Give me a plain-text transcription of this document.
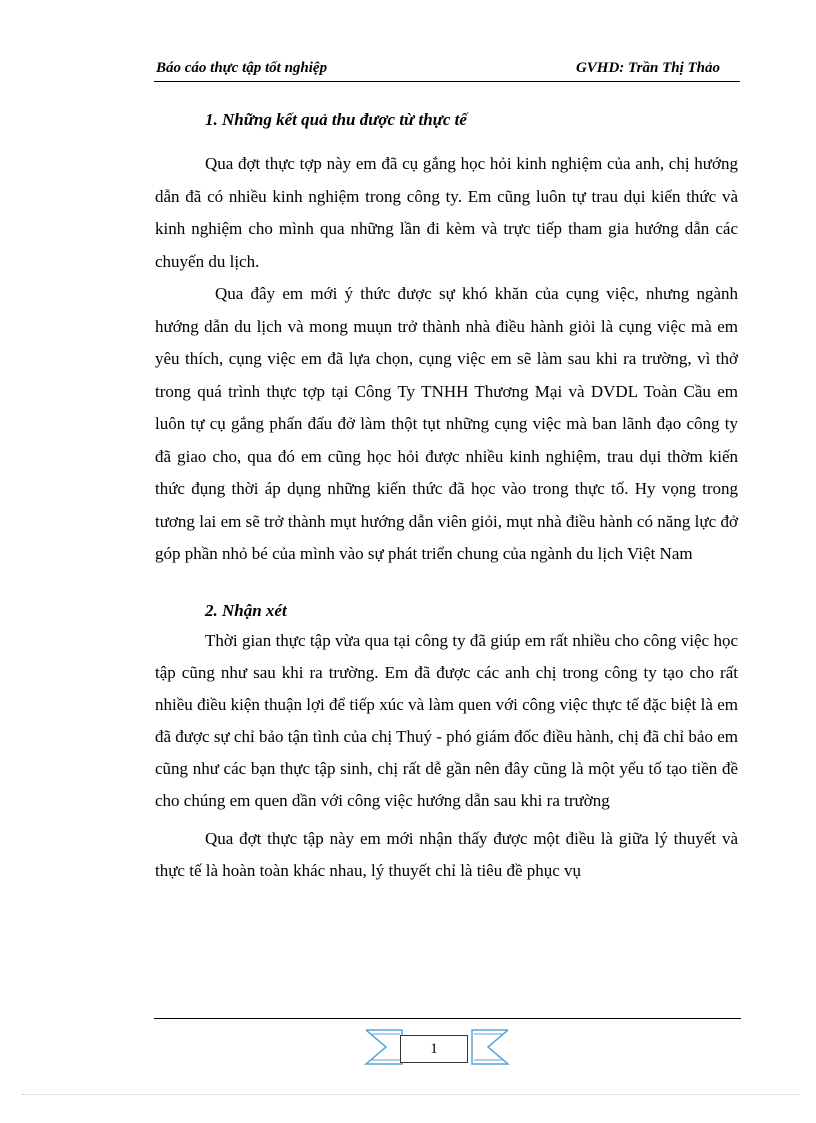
Báo cáo thực tập tốt nghiệp	GVHD: Trần Thị Thảo
1. Những kết quả thu được từ thực tế

Qua đợt thực tợp này em đã cụ gắng học hỏi kinh nghiệm của anh, chị hướng dẫn đã có nhiều kinh nghiệm trong công ty. Em cũng luôn tự trau dụi kiến thức và kinh nghiệm cho mình qua những lần đi kèm và trực tiếp tham gia hướng dẫn các chuyến du lịch.

Qua đây em mới ý thức được sự khó khăn của cụng việc, nhưng ngành hướng dẫn du lịch và mong muụn trở thành nhà điều hành giỏi là cụng việc mà em yêu thích, cụng việc em đã lựa chọn, cụng việc em sẽ làm sau khi ra trường, vì thở trong quá trình thực tợp tại Công Ty TNHH Thương Mại và DVDL Toàn Cầu em luôn tự cụ gắng phấn đấu đở làm thột tụt những cụng việc mà ban lãnh đạo công ty đã giao cho, qua đó em cũng học hỏi được nhiều kinh nghiệm, trau dụi thờm kiến thức đụng thời áp dụng những kiến thức đã học vào trong thực tố. Hy vọng trong tương lai em sẽ trở thành mụt hướng dẫn viên giỏi, mụt nhà điều hành có năng lực đở góp phần nhỏ bé của mình vào sự phát triển chung của ngành du lịch Việt Nam

2. Nhận xét

Thời gian thực tập vừa qua tại công ty đã giúp em rất nhiều cho công việc học tập cũng như sau khi ra trường. Em đã được các anh chị trong công ty tạo cho rất nhiều điều kiện thuận lợi để tiếp xúc và làm quen với công việc thực tế đặc biệt là em đã được sự chỉ bảo tận tình của chị Thuý - phó giám đốc điều hành, chị đã chỉ bảo em cũng như các bạn thực tập sinh, chị rất dễ gần nên đây cũng là một yếu tố tạo tiền đề cho chúng em quen dần với công việc hướng dẫn sau khi ra trường

Qua đợt thực tập này em mới nhận thấy được một điều là giữa lý thuyết và thực tế là hoàn toàn khác nhau, lý thuyết chỉ là tiêu đề phục vụ

1
